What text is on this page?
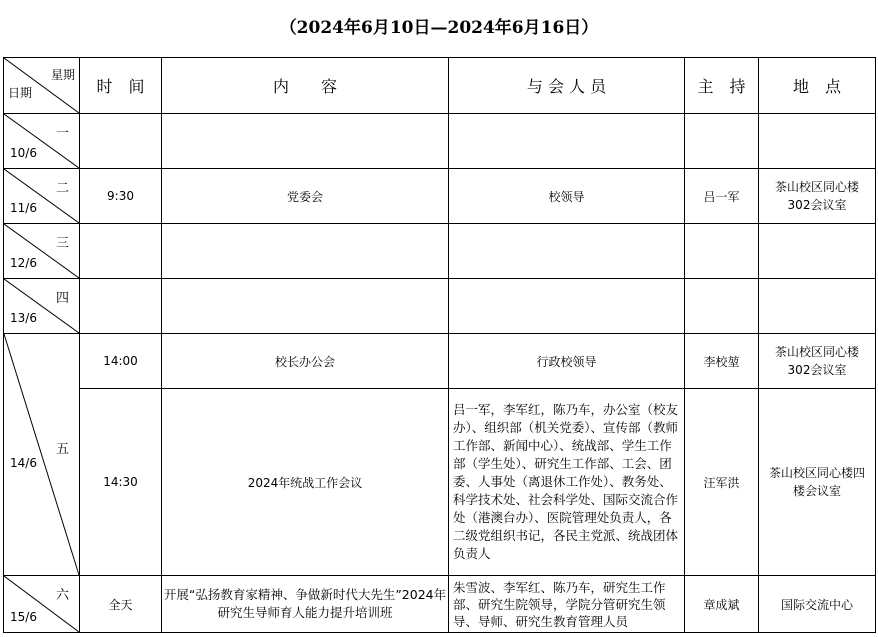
（2024年6月10日—2024年6月16日）
星期
日期	时　间	内　　容	与 会 人 员	主　持	地　点

一
10/6					

二
11/6	9:30	党委会	校领导	吕一军	茶山校区同心楼302会议室

三
12/6					

四
13/6					

五
14/6	14:00	校长办公会	行政校领导	李校堃	茶山校区同心楼302会议室
	14:30	2024年统战工作会议	吕一军，李军红，陈乃车，办公室（校友办）、组织部（机关党委）、宣传部（教师工作部、新闻中心）、统战部、学生工作部（学生处）、研究生工作部、工会、团委、人事处（离退休工作处）、教务处、科学技术处、社会科学处、国际交流合作处（港澳台办）、医院管理处负责人，各二级党组织书记，各民主党派、统战团体负责人	汪军洪	茶山校区同心楼四楼会议室

六
15/6	全天	开展“弘扬教育家精神、争做新时代大先生”2024年研究生导师育人能力提升培训班	朱雪波、李军红、陈乃车，研究生工作部、研究生院领导，学院分管研究生领导、导师、研究生教育管理人员	章成斌	国际交流中心
